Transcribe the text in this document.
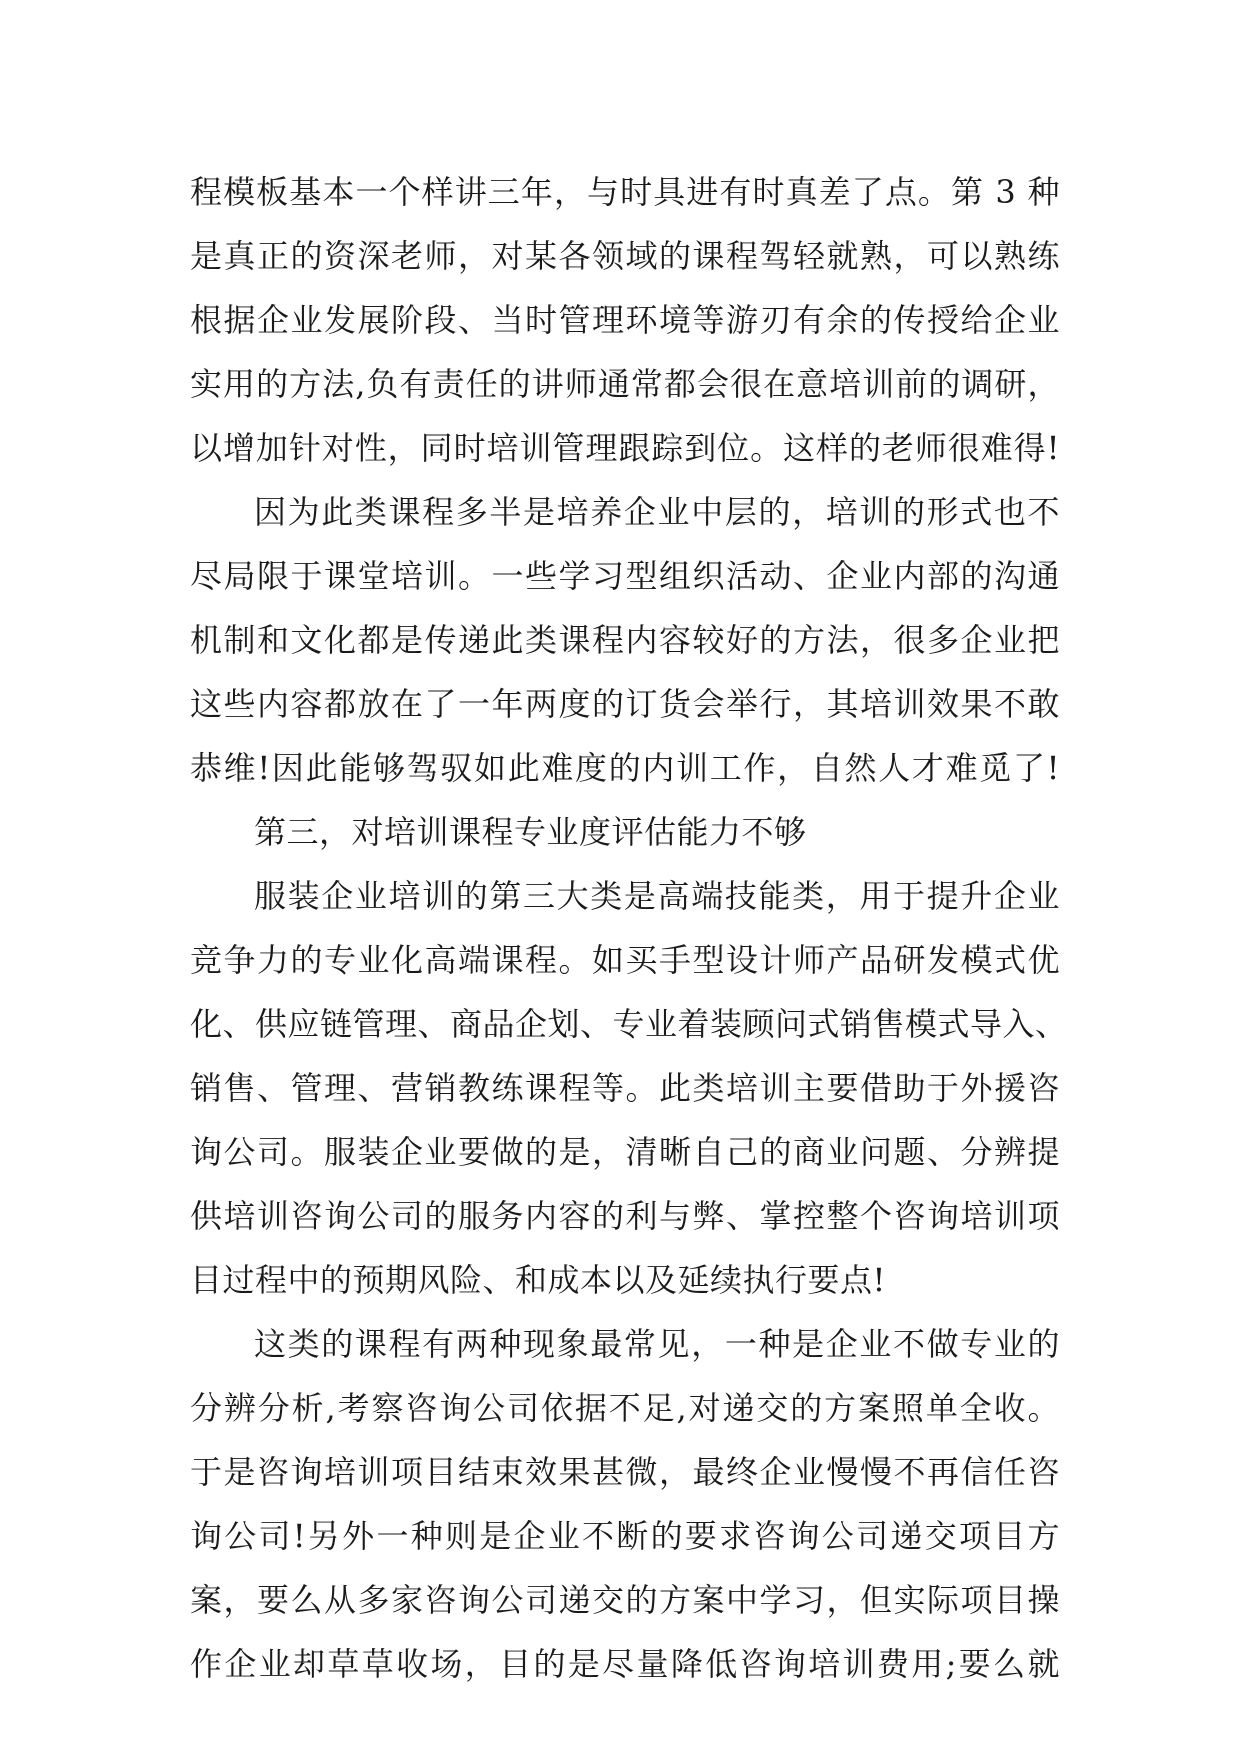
程模板基本一个样讲三年，与时具进有时真差了点。第 3 种
是真正的资深老师，对某各领域的课程驾轻就熟，可以熟练
根据企业发展阶段、当时管理环境等游刃有余的传授给企业
实用的方法,负有责任的讲师通常都会很在意培训前的调研，
以增加针对性，同时培训管理跟踪到位。这样的老师很难得!
因为此类课程多半是培养企业中层的，培训的形式也不
尽局限于课堂培训。一些学习型组织活动、企业内部的沟通
机制和文化都是传递此类课程内容较好的方法，很多企业把
这些内容都放在了一年两度的订货会举行，其培训效果不敢
恭维!因此能够驾驭如此难度的内训工作，自然人才难觅了!
第三，对培训课程专业度评估能力不够
服装企业培训的第三大类是高端技能类，用于提升企业
竞争力的专业化高端课程。如买手型设计师产品研发模式优
化、供应链管理、商品企划、专业着装顾问式销售模式导入、
销售、管理、营销教练课程等。此类培训主要借助于外援咨
询公司。服装企业要做的是，清晰自己的商业问题、分辨提
供培训咨询公司的服务内容的利与弊、掌控整个咨询培训项
目过程中的预期风险、和成本以及延续执行要点!
这类的课程有两种现象最常见，一种是企业不做专业的
分辨分析,考察咨询公司依据不足,对递交的方案照单全收。
于是咨询培训项目结束效果甚微，最终企业慢慢不再信任咨
询公司!另外一种则是企业不断的要求咨询公司递交项目方
案，要么从多家咨询公司递交的方案中学习，但实际项目操
作企业却草草收场，目的是尽量降低咨询培训费用;要么就
